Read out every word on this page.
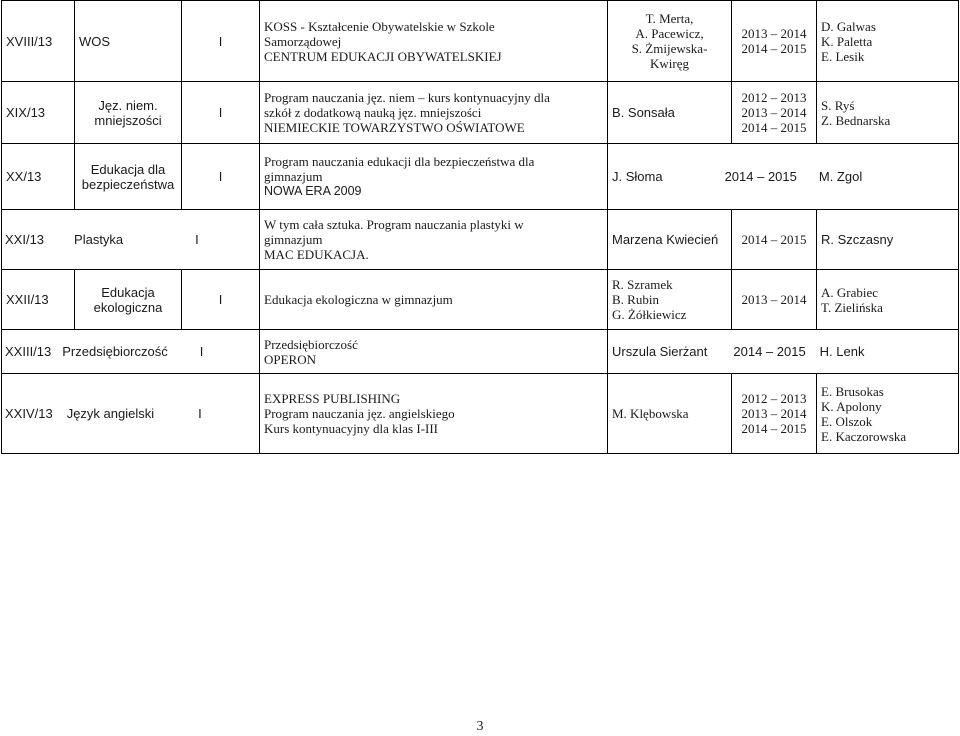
XVIII/13	WOS	I	KOSS - Kształcenie Obywatelskie w Szkole
Samorządowej
CENTRUM EDUKACJI OBYWATELSKIEJ	T. Merta,
A. Pacewicz,
S. Żmijewska-
Kwiręg	2013 – 2014
2014 – 2015	D. Galwas
K. Paletta
E. Lesik

XIX/13	Jęz. niem.
mniejszości	I	Program nauczania jęz. niem – kurs kontynuacyjny dla
szkół z dodatkową nauką jęz. mniejszości
NIEMIECKIE TOWARZYSTWO OŚWIATOWE	B. Sonsała	2012 – 2013
2013 – 2014
2014 – 2015	S. Ryś
Z. Bednarska

XX/13	Edukacja dla
bezpieczeństwa	I	Program nauczania edukacji dla bezpieczeństwa dla
gimnazjum
NOWA ERA 2009	J. Słoma 2014 – 2015 M. Zgol		
XXI/13 Plastyka I			W tym cała sztuka. Program nauczania plastyki w
gimnazjum
MAC EDUKACJA.	Marzena Kwiecień	2014 – 2015	R. Szczasny
XXII/13	Edukacja
ekologiczna	I	Edukacja ekologiczna w gimnazjum	R. Szramek
B. Rubin
G. Żółkiewicz	2013 – 2014	A. Grabiec
T. Zielińska

XXIII/13 Przedsiębiorczość I			Przedsiębiorczość
OPERON	Urszula Sierżant 2014 – 2015 H. Lenk		
XXIV/13 Język angielski I			EXPRESS PUBLISHING
Program nauczania jęz. angielskiego
Kurs kontynuacyjny dla klas I-III	M. Klębowska	2012 – 2013
2013 – 2014
2014 – 2015	E. Brusokas
K. Apolony
E. Olszok
E. Kaczorowska
3
